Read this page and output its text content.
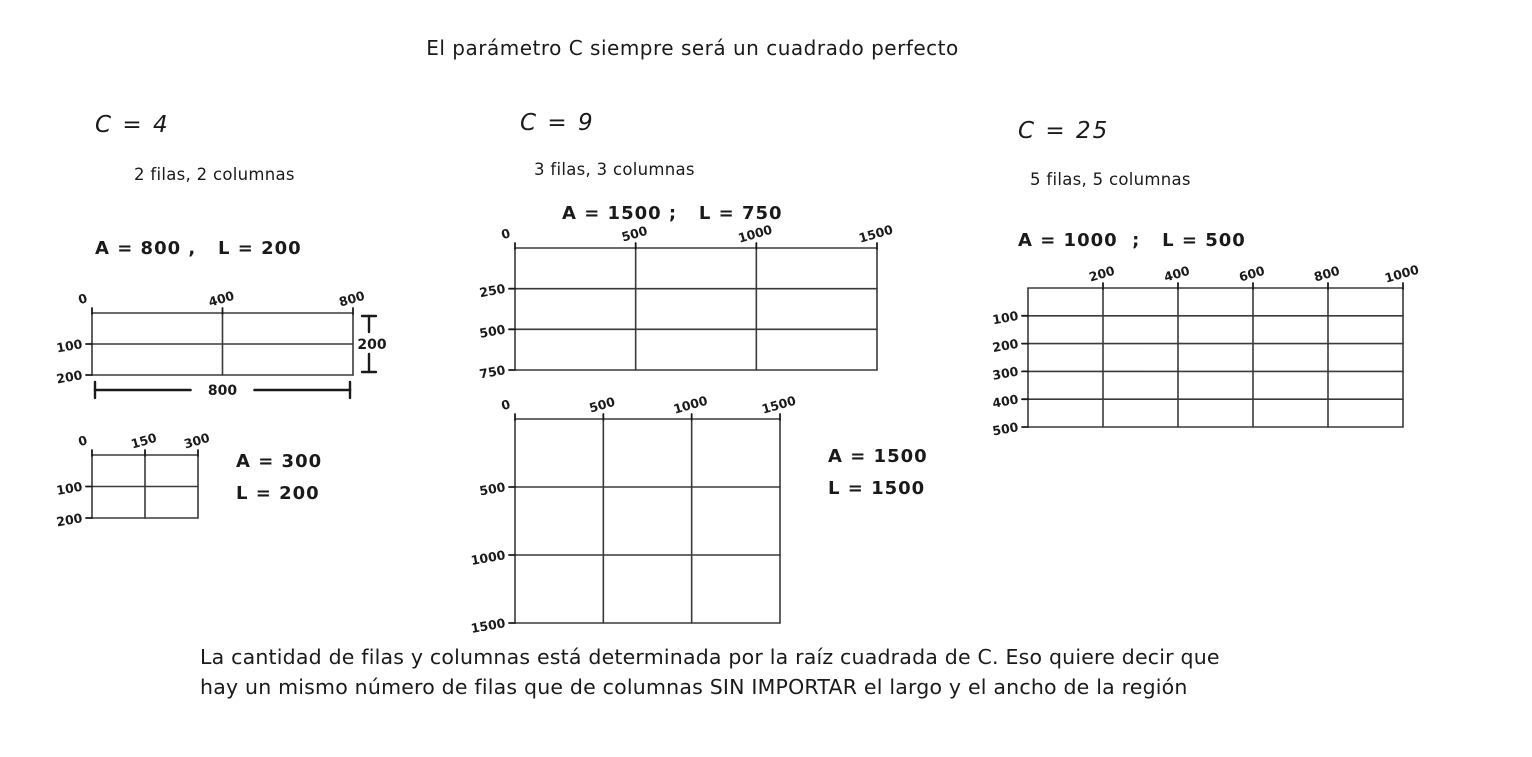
El parámetro C siempre será un cuadrado perfecto
C = 4
2 filas, 2 columnas
A = 800 ,   L = 200
0	400	800
100
200
200
800
0	150 300
100
200
A = 300
L = 200
C = 9
3 filas, 3 columnas
A = 1500 ;   L = 750
0	500	1000	1500
250
500
750
0	500	1000	1500
500
1000
1500
A = 1500
L = 1500
C = 25
5 filas, 5 columnas
A = 1000  ;   L = 500
200	400	600	800	1000
100
200
300
400
500
La cantidad de filas y columnas está determinada por la raíz cuadrada de C. Eso quiere decir que
hay un mismo número de filas que de columnas SIN IMPORTAR el largo y el ancho de la región
